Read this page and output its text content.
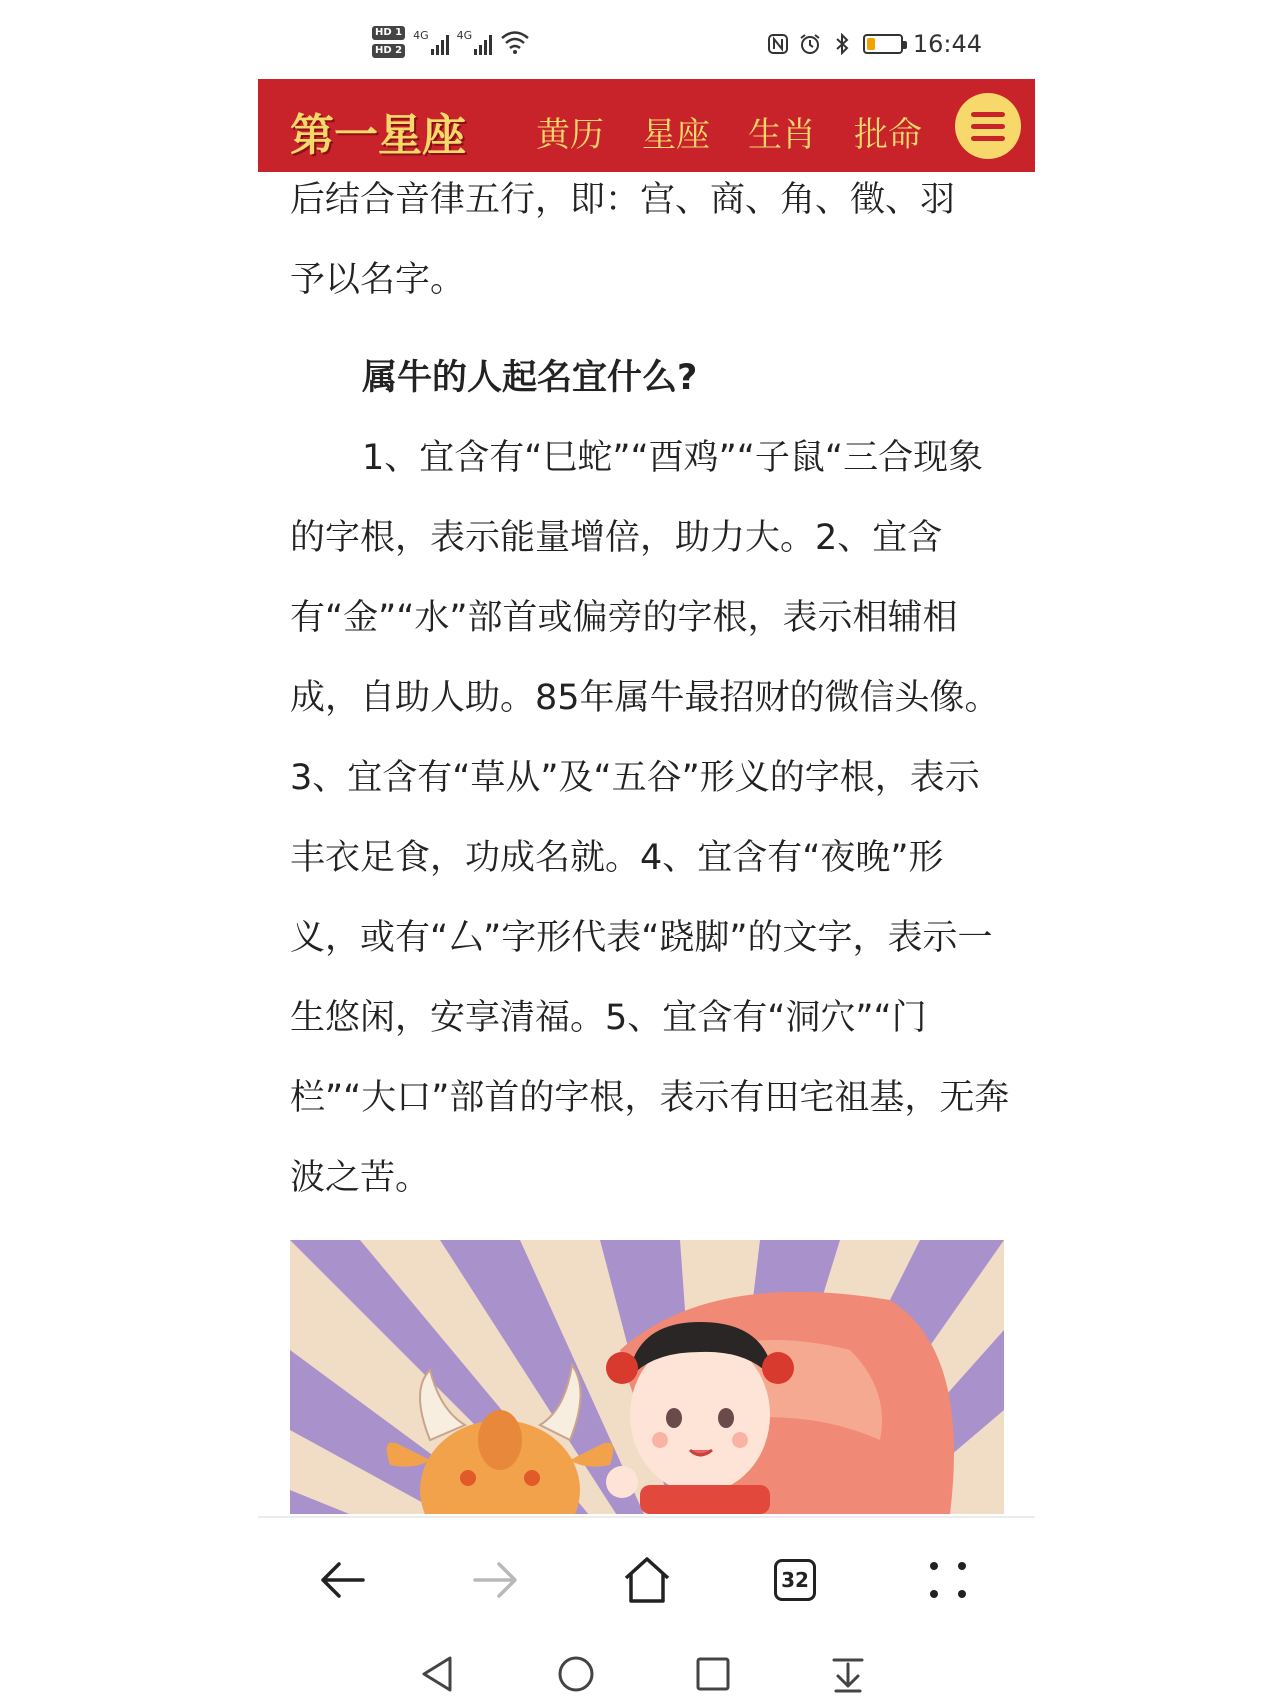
HD 1
HD 2
4G	4G	16:44

后结合音律五行，即：宫、商、角、徵、羽

予以名字。

属牛的人起名宜什么?

1、宜含有“巳蛇”“酉鸡”“子鼠“三合现象的字根，表示能量增倍，助力大。2、宜含有“金”“水”部首或偏旁的字根，表示相辅相成，自助人助。85年属牛最招财的微信头像。3、宜含有“草从”及“五谷”形义的字根，表示丰衣足食，功成名就。4、宜含有“夜晚”形义，或有“厶”字形代表“跷脚”的文字，表示一生悠闲，安享清福。5、宜含有“洞穴”“门栏”“大口”部首的字根，表示有田宅祖基，无奔波之苦。

第一星座 黄历 星座 生肖 批命
32
